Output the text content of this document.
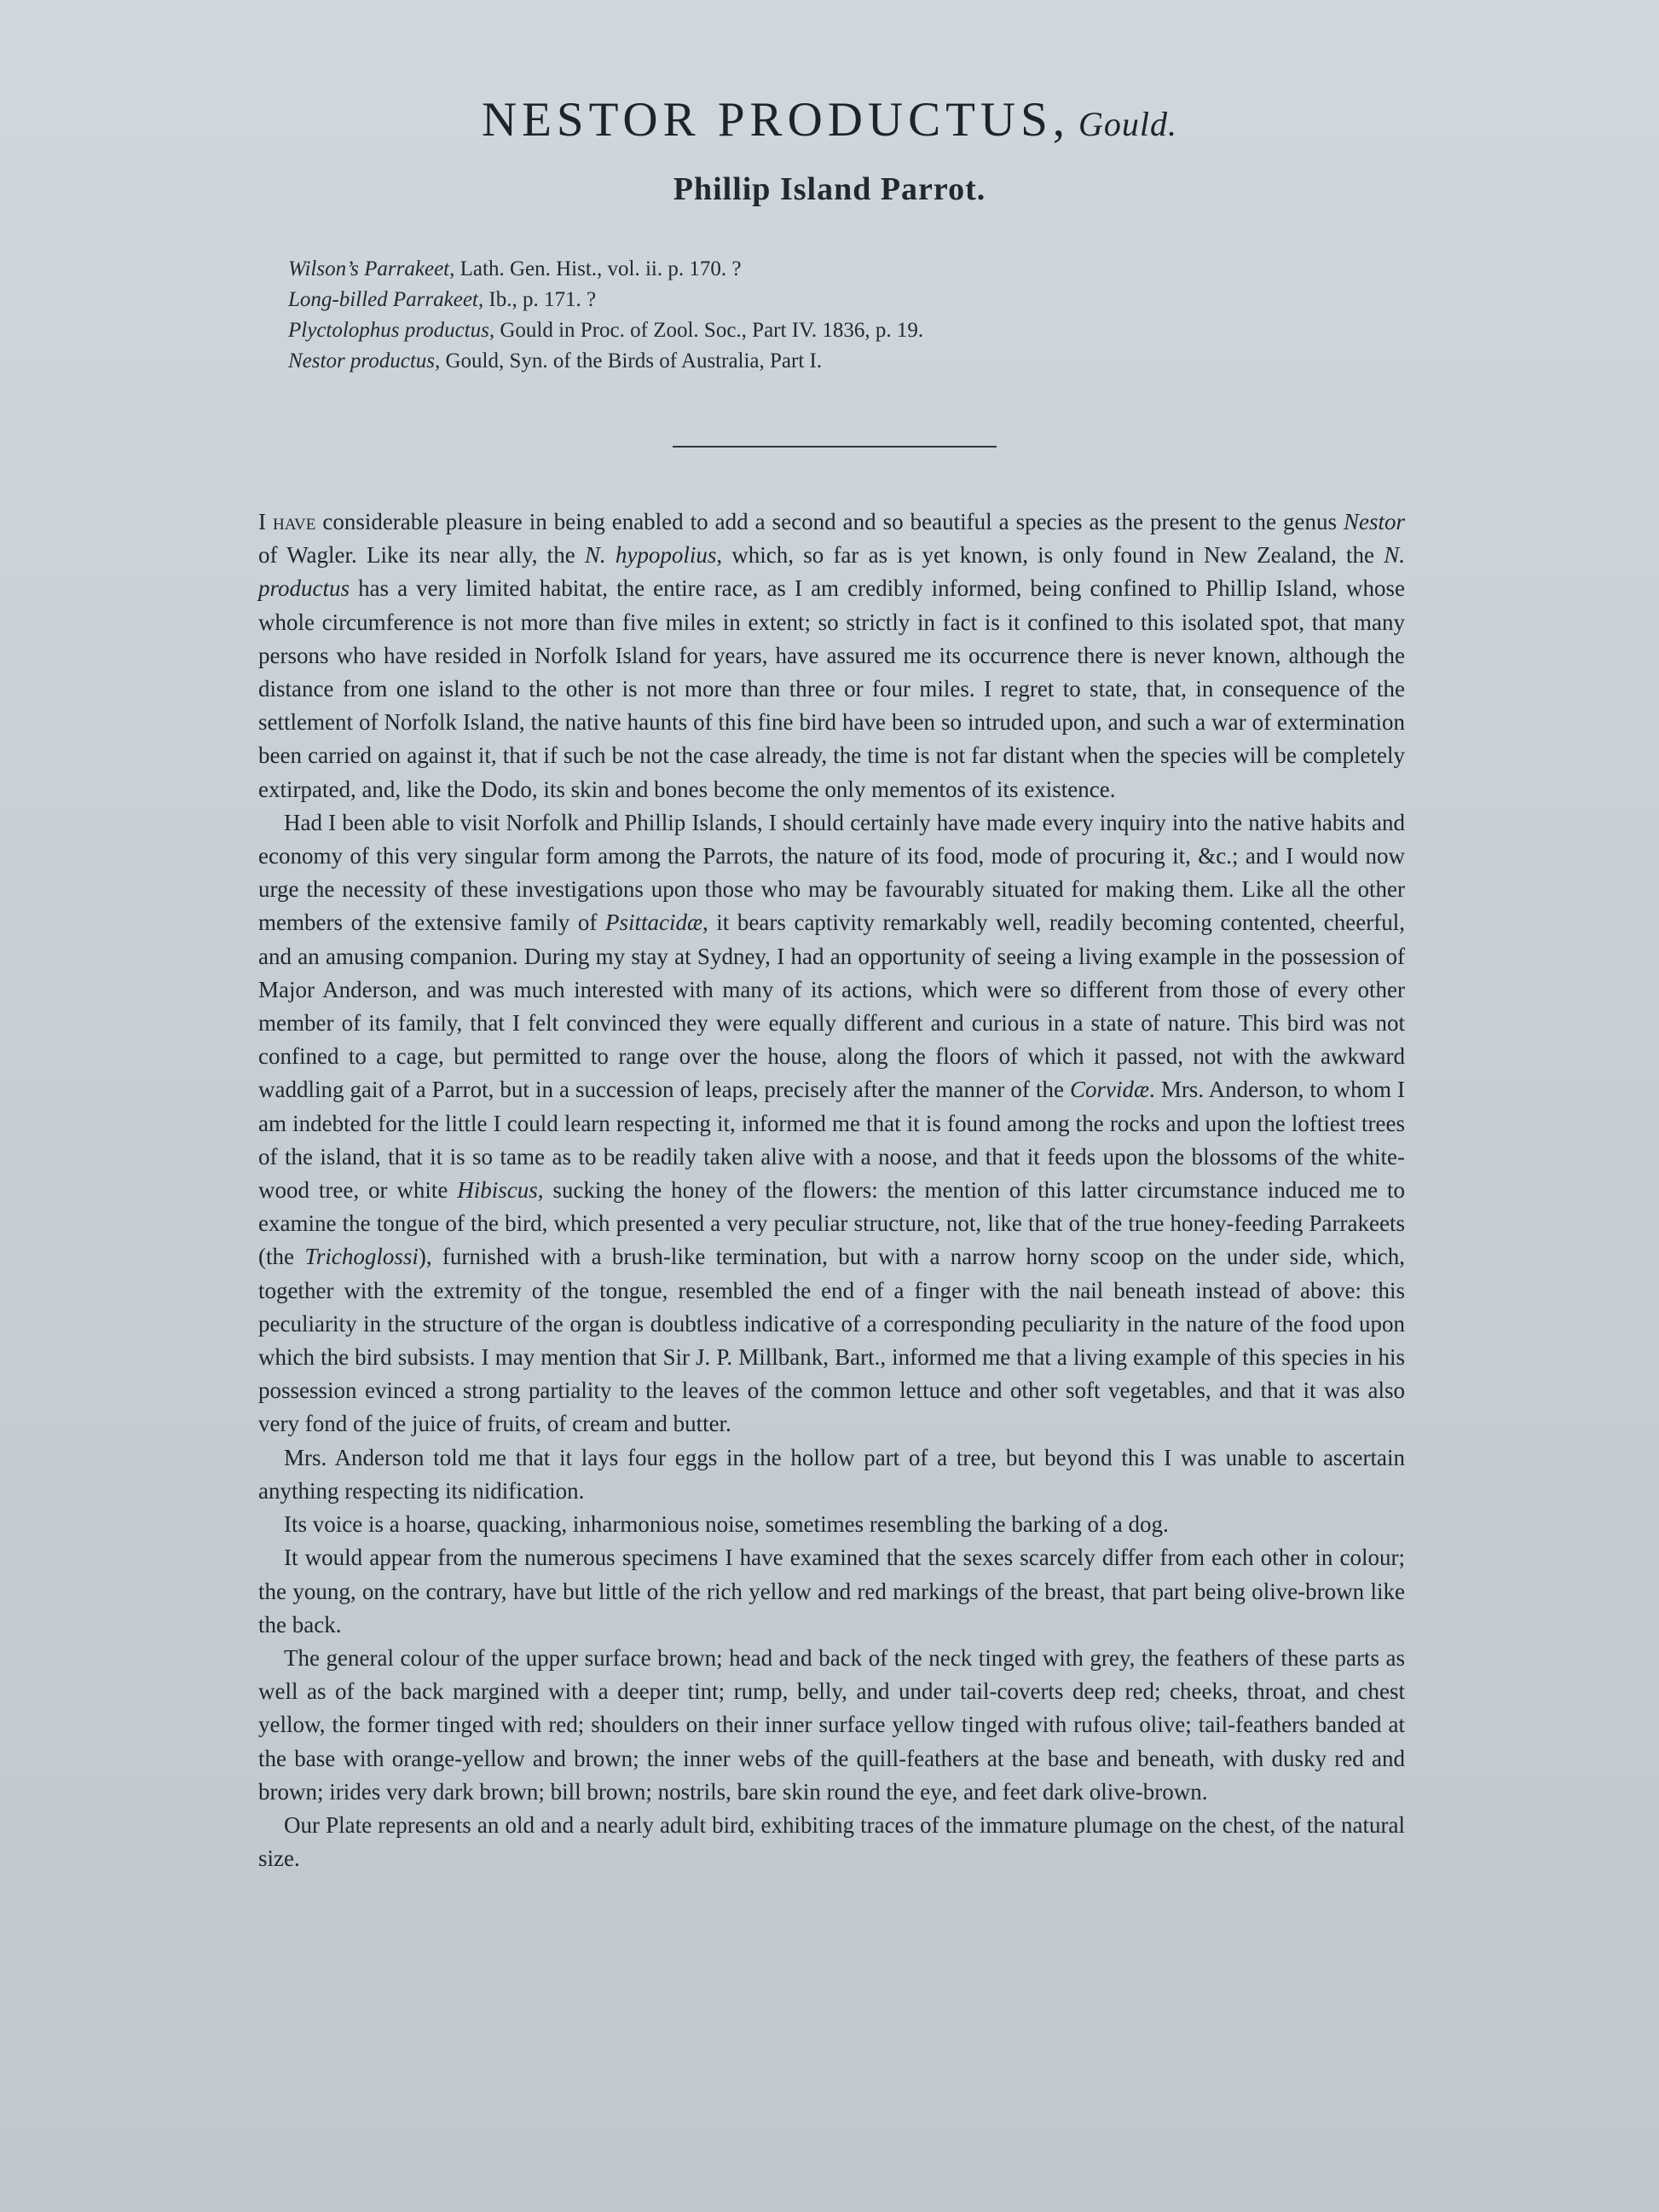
NESTOR PRODUCTUS, Gould.
Phillip Island Parrot.
Wilson’s Parrakeet, Lath. Gen. Hist., vol. ii. p. 170. ?
Long-billed Parrakeet, Ib., p. 171. ?
Plyctolophus productus, Gould in Proc. of Zool. Soc., Part IV. 1836, p. 19.
Nestor productus, Gould, Syn. of the Birds of Australia, Part I.

I have considerable pleasure in being enabled to add a second and so beautiful a species as the present to the genus Nestor of Wagler. Like its near ally, the N. hypopolius, which, so far as is yet known, is only found in New Zealand, the N. productus has a very limited habitat, the entire race, as I am credibly informed, being confined to Phillip Island, whose whole circumference is not more than five miles in extent; so strictly in fact is it confined to this isolated spot, that many persons who have resided in Norfolk Island for years, have assured me its occurrence there is never known, although the distance from one island to the other is not more than three or four miles. I regret to state, that, in consequence of the settlement of Norfolk Island, the native haunts of this fine bird have been so intruded upon, and such a war of extermination been carried on against it, that if such be not the case already, the time is not far distant when the species will be completely extirpated, and, like the Dodo, its skin and bones become the only mementos of its existence.

Had I been able to visit Norfolk and Phillip Islands, I should certainly have made every inquiry into the native habits and economy of this very singular form among the Parrots, the nature of its food, mode of procuring it, &c.; and I would now urge the necessity of these investigations upon those who may be favourably situated for making them. Like all the other members of the extensive family of Psittacidæ, it bears captivity remarkably well, readily becoming contented, cheerful, and an amusing companion. During my stay at Sydney, I had an opportunity of seeing a living example in the possession of Major Anderson, and was much interested with many of its actions, which were so different from those of every other member of its family, that I felt convinced they were equally different and curious in a state of nature. This bird was not confined to a cage, but permitted to range over the house, along the floors of which it passed, not with the awkward waddling gait of a Parrot, but in a succession of leaps, precisely after the manner of the Corvidæ. Mrs. Anderson, to whom I am indebted for the little I could learn respecting it, informed me that it is found among the rocks and upon the loftiest trees of the island, that it is so tame as to be readily taken alive with a noose, and that it feeds upon the blossoms of the white-wood tree, or white Hibiscus, sucking the honey of the flowers: the mention of this latter circumstance induced me to examine the tongue of the bird, which presented a very peculiar structure, not, like that of the true honey-feeding Parrakeets (the Trichoglossi), furnished with a brush-like termination, but with a narrow horny scoop on the under side, which, together with the extremity of the tongue, resembled the end of a finger with the nail beneath instead of above: this peculiarity in the structure of the organ is doubtless indicative of a corresponding peculiarity in the nature of the food upon which the bird subsists. I may mention that Sir J. P. Millbank, Bart., informed me that a living example of this species in his possession evinced a strong partiality to the leaves of the common lettuce and other soft vegetables, and that it was also very fond of the juice of fruits, of cream and butter.

Mrs. Anderson told me that it lays four eggs in the hollow part of a tree, but beyond this I was unable to ascertain anything respecting its nidification.

Its voice is a hoarse, quacking, inharmonious noise, sometimes resembling the barking of a dog.

It would appear from the numerous specimens I have examined that the sexes scarcely differ from each other in colour; the young, on the contrary, have but little of the rich yellow and red markings of the breast, that part being olive-brown like the back.

The general colour of the upper surface brown; head and back of the neck tinged with grey, the feathers of these parts as well as of the back margined with a deeper tint; rump, belly, and under tail-coverts deep red; cheeks, throat, and chest yellow, the former tinged with red; shoulders on their inner surface yellow tinged with rufous olive; tail-feathers banded at the base with orange-yellow and brown; the inner webs of the quill-feathers at the base and beneath, with dusky red and brown; irides very dark brown; bill brown; nostrils, bare skin round the eye, and feet dark olive-brown.

Our Plate represents an old and a nearly adult bird, exhibiting traces of the immature plumage on the chest, of the natural size.
